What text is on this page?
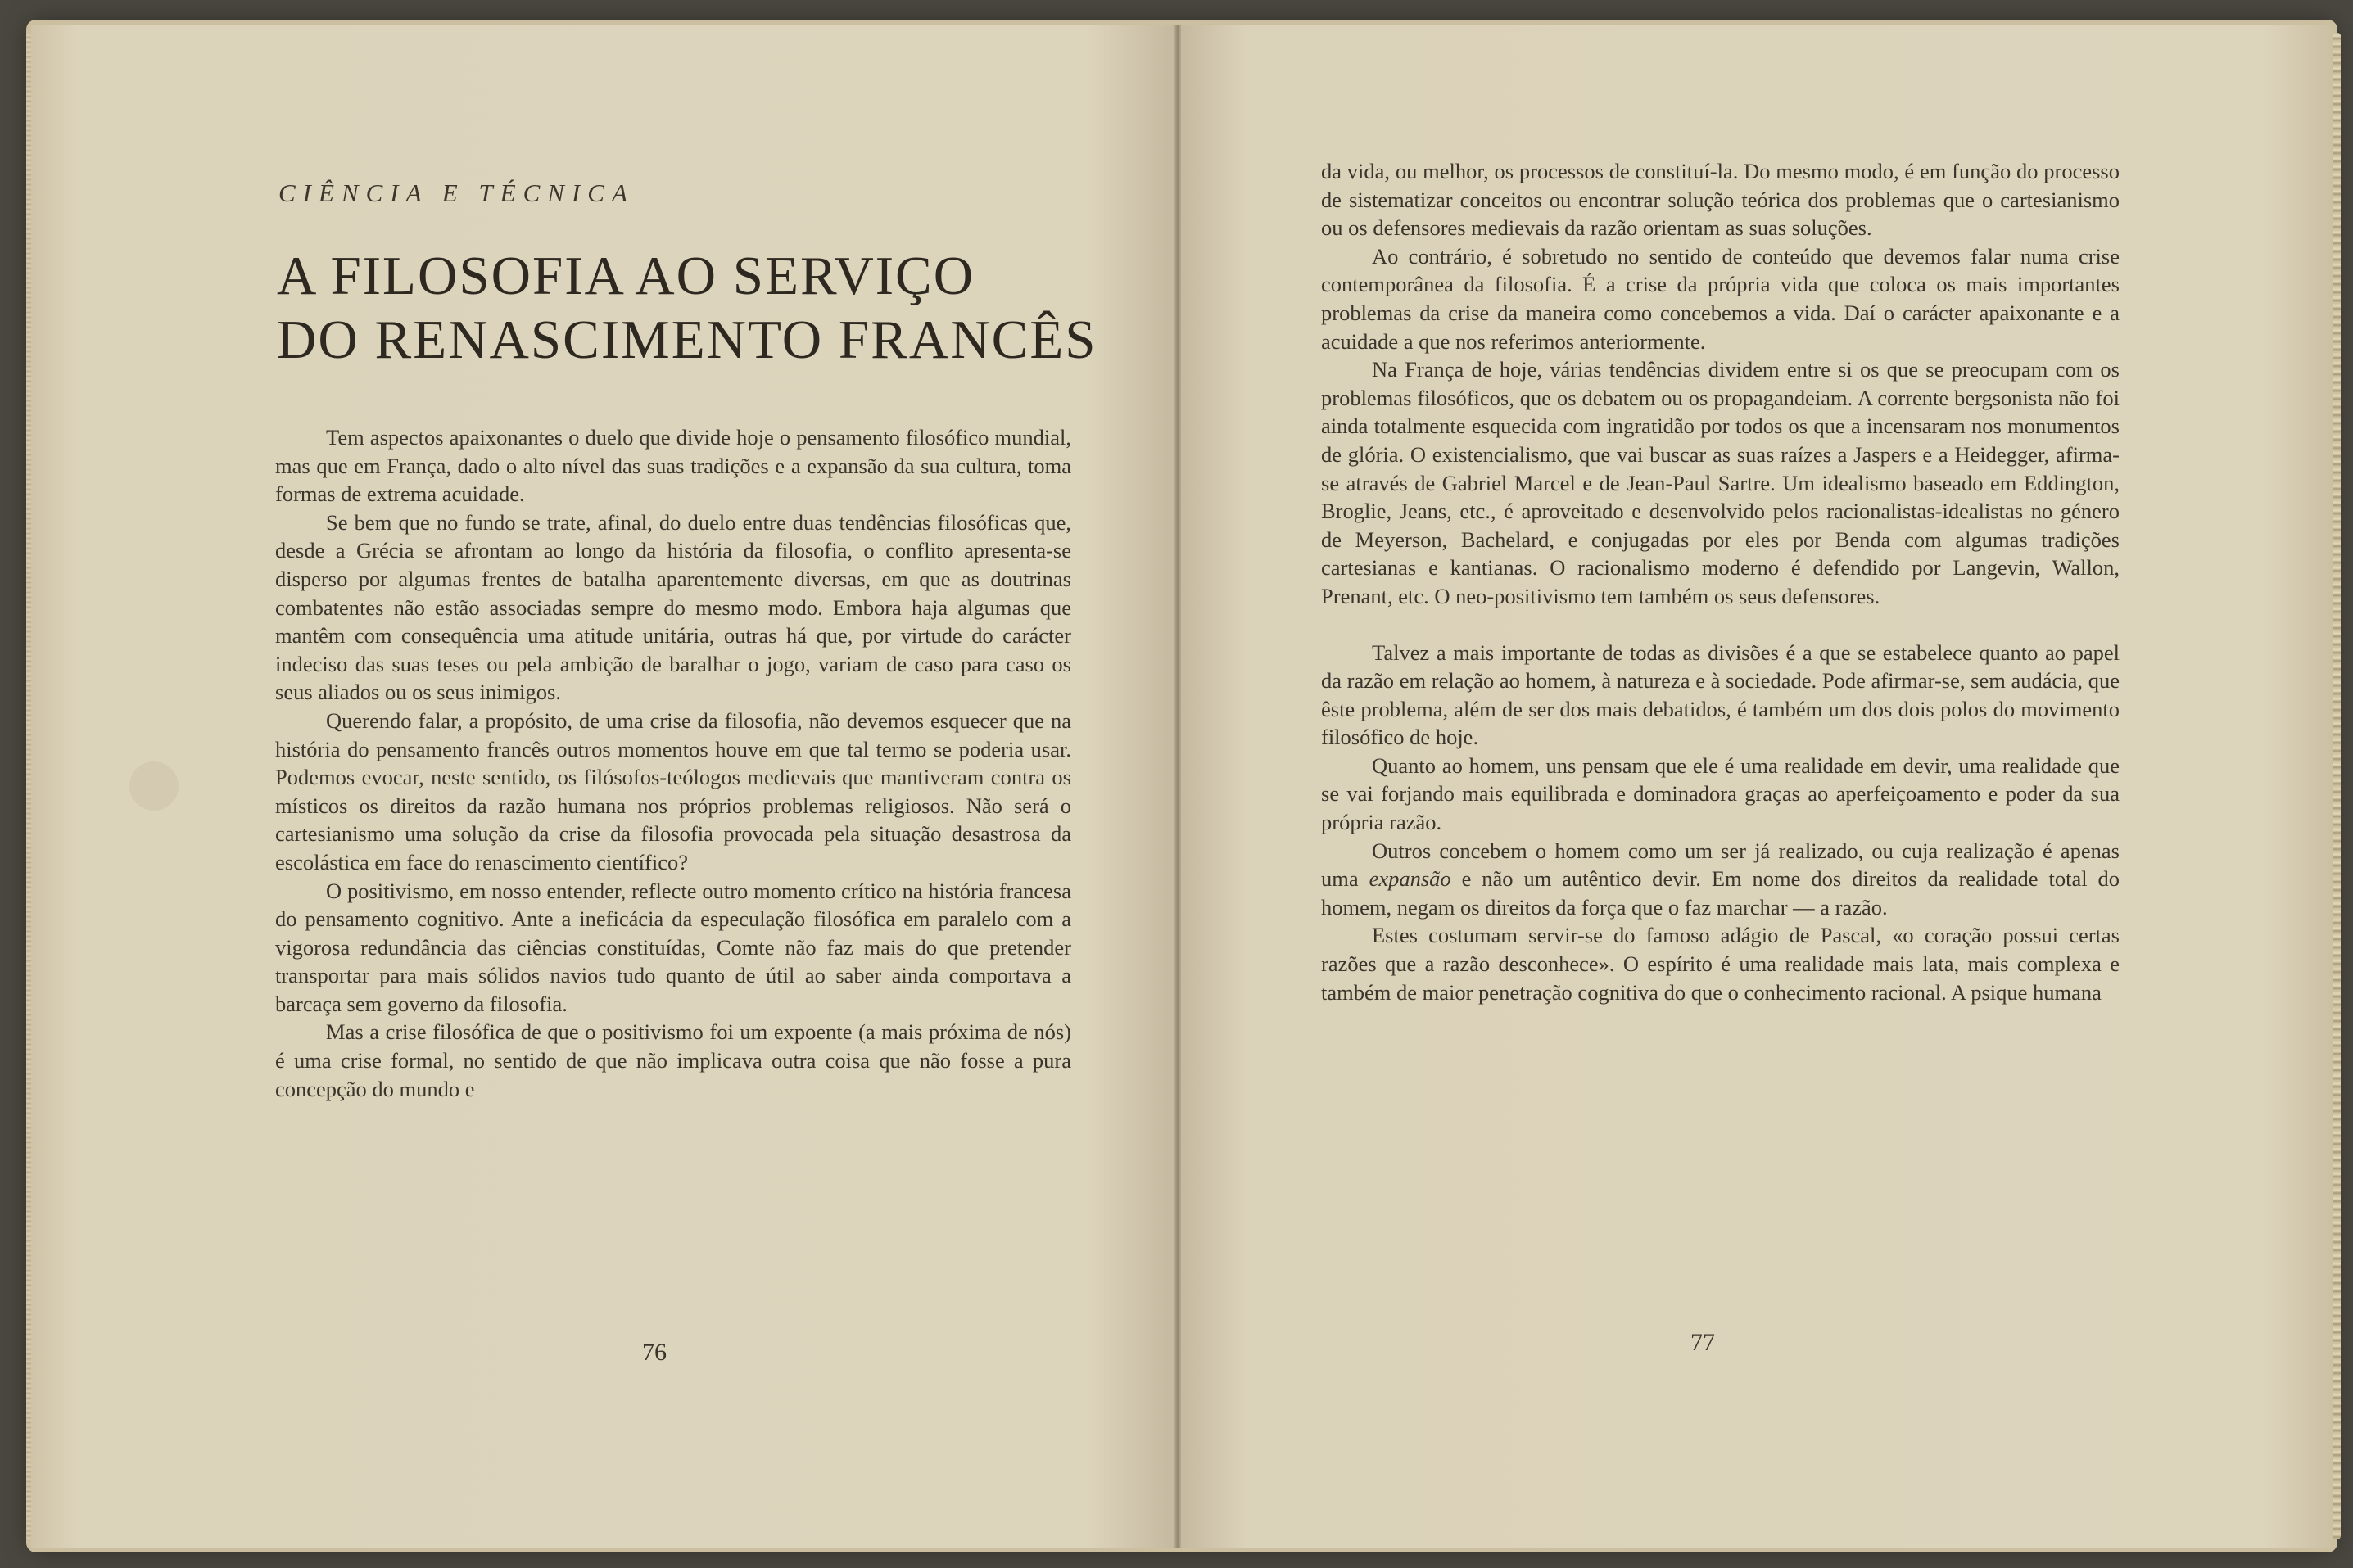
CIÊNCIA E TÉCNICA
A FILOSOFIA AO SERVIÇO
DO RENASCIMENTO FRANCÊS

Tem aspectos apaixonantes o duelo que divide hoje o pensamento filosófico mundial, mas que em França, dado o alto nível das suas tradições e a expansão da sua cultura, toma formas de extrema acuidade.

Se bem que no fundo se trate, afinal, do duelo entre duas tendências filosóficas que, desde a Grécia se afrontam ao longo da história da filosofia, o conflito apresenta-se disperso por algumas frentes de batalha aparentemente diversas, em que as doutrinas combatentes não estão associadas sempre do mesmo modo. Embora haja algumas que mantêm com consequência uma atitude unitária, outras há que, por virtude do carácter indeciso das suas teses ou pela ambição de baralhar o jogo, variam de caso para caso os seus aliados ou os seus inimigos.

Querendo falar, a propósito, de uma crise da filosofia, não devemos esquecer que na história do pensamento francês outros momentos houve em que tal termo se poderia usar. Podemos evocar, neste sentido, os filósofos-teólogos medievais que mantiveram contra os místicos os direitos da razão humana nos próprios problemas religiosos. Não será o cartesianismo uma solução da crise da filosofia provocada pela situação desastrosa da escolástica em face do renascimento científico?

O positivismo, em nosso entender, reflecte outro momento crítico na história francesa do pensamento cognitivo. Ante a ineficácia da especulação filosófica em paralelo com a vigorosa redundância das ciências constituídas, Comte não faz mais do que pretender transportar para mais sólidos navios tudo quanto de útil ao saber ainda comportava a barcaça sem governo da filosofia.

Mas a crise filosófica de que o positivismo foi um expoente (a mais próxima de nós) é uma crise formal, no sentido de que não implicava outra coisa que não fosse a pura concepção do mundo e

76

da vida, ou melhor, os processos de constituí-la. Do mesmo modo, é em função do processo de sistematizar conceitos ou encontrar solução teórica dos problemas que o cartesianismo ou os defensores medievais da razão orientam as suas soluções.

Ao contrário, é sobretudo no sentido de conteúdo que devemos falar numa crise contemporânea da filosofia. É a crise da própria vida que coloca os mais importantes problemas da crise da maneira como concebemos a vida. Daí o carácter apaixonante e a acuidade a que nos referimos anteriormente.

Na França de hoje, várias tendências dividem entre si os que se preocupam com os problemas filosóficos, que os debatem ou os propagandeiam. A corrente bergsonista não foi ainda totalmente esquecida com ingratidão por todos os que a incensaram nos monumentos de glória. O existencialismo, que vai buscar as suas raízes a Jaspers e a Heidegger, afirma-se através de Gabriel Marcel e de Jean-Paul Sartre. Um idealismo baseado em Eddington, Broglie, Jeans, etc., é aproveitado e desenvolvido pelos racionalistas-idealistas no género de Meyerson, Bachelard, e conjugadas por eles por Benda com algumas tradições cartesianas e kantianas. O racionalismo moderno é defendido por Langevin, Wallon, Prenant, etc. O neo-positivismo tem também os seus defensores.

Talvez a mais importante de todas as divisões é a que se estabelece quanto ao papel da razão em relação ao homem, à natureza e à sociedade. Pode afirmar-se, sem audácia, que êste problema, além de ser dos mais debatidos, é também um dos dois polos do movimento filosófico de hoje.

Quanto ao homem, uns pensam que ele é uma realidade em devir, uma realidade que se vai forjando mais equilibrada e dominadora graças ao aperfeiçoamento e poder da sua própria razão.

Outros concebem o homem como um ser já realizado, ou cuja realização é apenas uma expansão e não um autêntico devir. Em nome dos direitos da realidade total do homem, negam os direitos da força que o faz marchar — a razão.

Estes costumam servir-se do famoso adágio de Pascal, «o coração possui certas razões que a razão desconhece». O espírito é uma realidade mais lata, mais complexa e também de maior penetração cognitiva do que o conhecimento racional. A psique humana

77
